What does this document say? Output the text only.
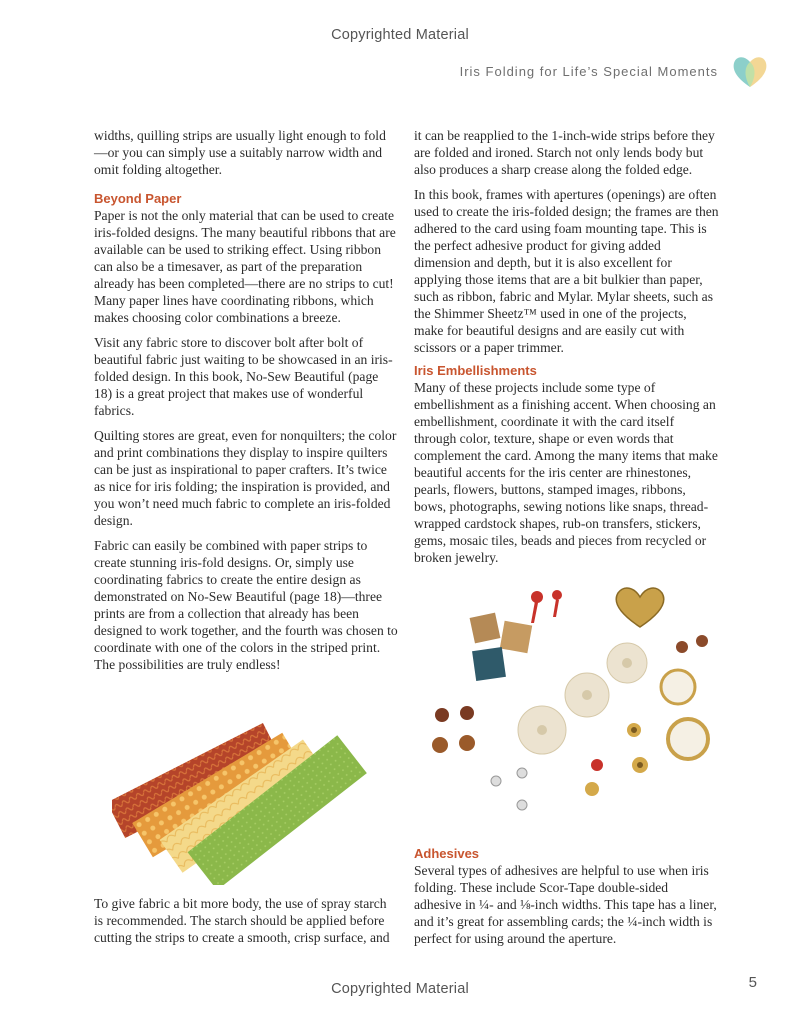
Copyrighted Material
Iris Folding for Life’s Special Moments

widths, quilling strips are usually light enough to fold—or you can simply use a suitably narrow width and omit folding altogether.

Beyond Paper

Paper is not the only material that can be used to create iris-folded designs. The many beautiful ribbons that are available can be used to striking effect. Using ribbon can also be a timesaver, as part of the preparation already has been completed—there are no strips to cut! Many paper lines have coordinating ribbons, which makes choosing color combinations a breeze.

Visit any fabric store to discover bolt after bolt of beautiful fabric just waiting to be showcased in an iris-folded design. In this book, No-Sew Beautiful (page 18) is a great project that makes use of wonderful fabrics.

Quilting stores are great, even for nonquilters; the color and print combinations they display to inspire quilters can be just as inspirational to paper crafters. It’s twice as nice for iris folding; the inspiration is provided, and you won’t need much fabric to complete an iris-folded design.

Fabric can easily be combined with paper strips to create stunning iris-fold designs. Or, simply use coordinating fabrics to create the entire design as demonstrated on No-Sew Beautiful (page 18)—three prints are from a collection that already has been designed to work together, and the fourth was chosen to coordinate with one of the colors in the striped print. The possibilities are truly endless!

To give fabric a bit more body, the use of spray starch is recommended. The starch should be applied before cutting the strips to create a smooth, crisp surface, and

it can be reapplied to the 1-inch-wide strips before they are folded and ironed. Starch not only lends body but also produces a sharp crease along the folded edge.

In this book, frames with apertures (openings) are often used to create the iris-folded design; the frames are then adhered to the card using foam mounting tape. This is the perfect adhesive product for giving added dimension and depth, but it is also excellent for applying those items that are a bit bulkier than paper, such as ribbon, fabric and Mylar. Mylar sheets, such as the Shimmer Sheetz™ used in one of the projects, make for beautiful designs and are easily cut with scissors or a paper trimmer.

Iris Embellishments

Many of these projects include some type of embellishment as a finishing accent. When choosing an embellishment, coordinate it with the card itself through color, texture, shape or even words that complement the card. Among the many items that make beautiful accents for the iris center are rhinestones, pearls, flowers, buttons, stamped images, ribbons, bows, photographs, sewing notions like snaps, thread-wrapped cardstock shapes, rub-on transfers, stickers, gems, mosaic tiles, beads and pieces from recycled or broken jewelry.

Adhesives

Several types of adhesives are helpful to use when iris folding. These include Scor-Tape double-sided adhesive in ¼- and ⅛-inch widths. This tape has a liner, and it’s great for assembling cards; the ¼-inch width is perfect for using around the aperture.

5
Copyrighted Material
